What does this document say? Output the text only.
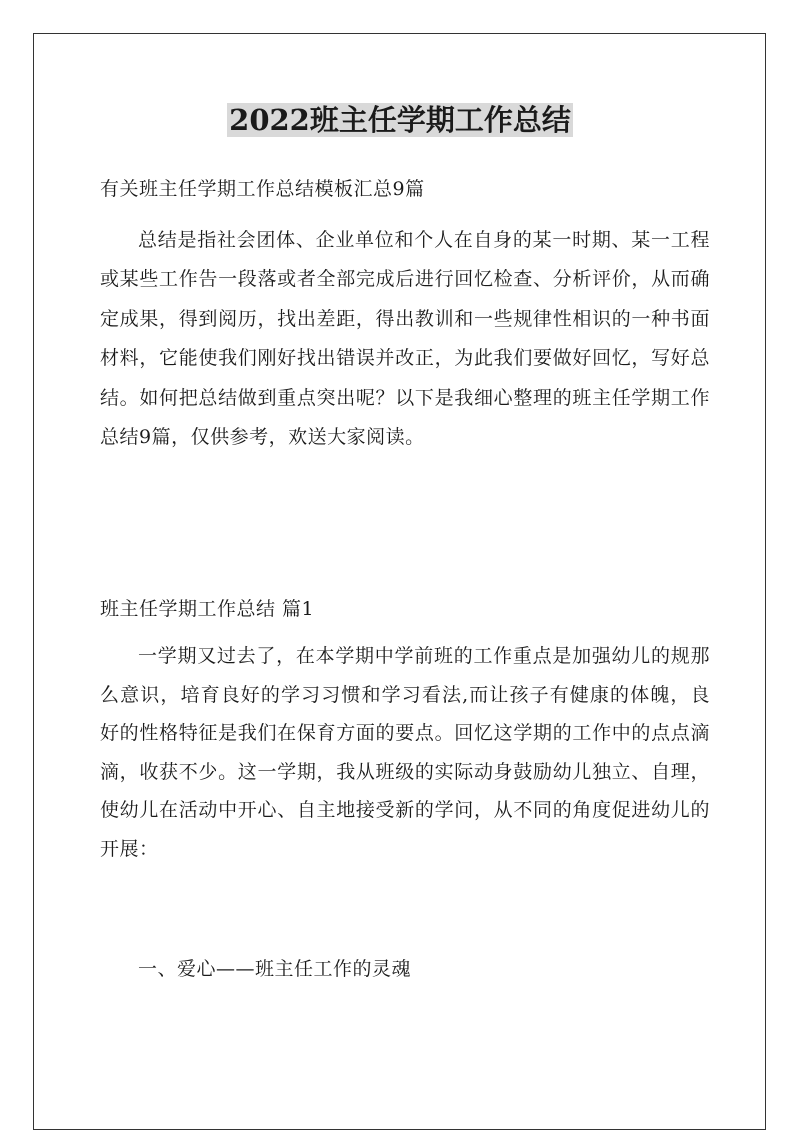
2022班主任学期工作总结
有关班主任学期工作总结模板汇总9篇
总结是指社会团体、企业单位和个人在自身的某一时期、某一工程或某些工作告一段落或者全部完成后进行回忆检查、分析评价，从而确定成果，得到阅历，找出差距，得出教训和一些规律性相识的一种书面材料，它能使我们刚好找出错误并改正，为此我们要做好回忆，写好总结。如何把总结做到重点突出呢？以下是我细心整理的班主任学期工作总结9篇，仅供参考，欢送大家阅读。
班主任学期工作总结 篇1
一学期又过去了，在本学期中学前班的工作重点是加强幼儿的规那么意识，培育良好的学习习惯和学习看法,而让孩子有健康的体魄，良好的性格特征是我们在保育方面的要点。回忆这学期的工作中的点点滴滴，收获不少。这一学期，我从班级的实际动身鼓励幼儿独立、自理，使幼儿在活动中开心、自主地接受新的学问，从不同的角度促进幼儿的开展：
一、爱心——班主任工作的灵魂
